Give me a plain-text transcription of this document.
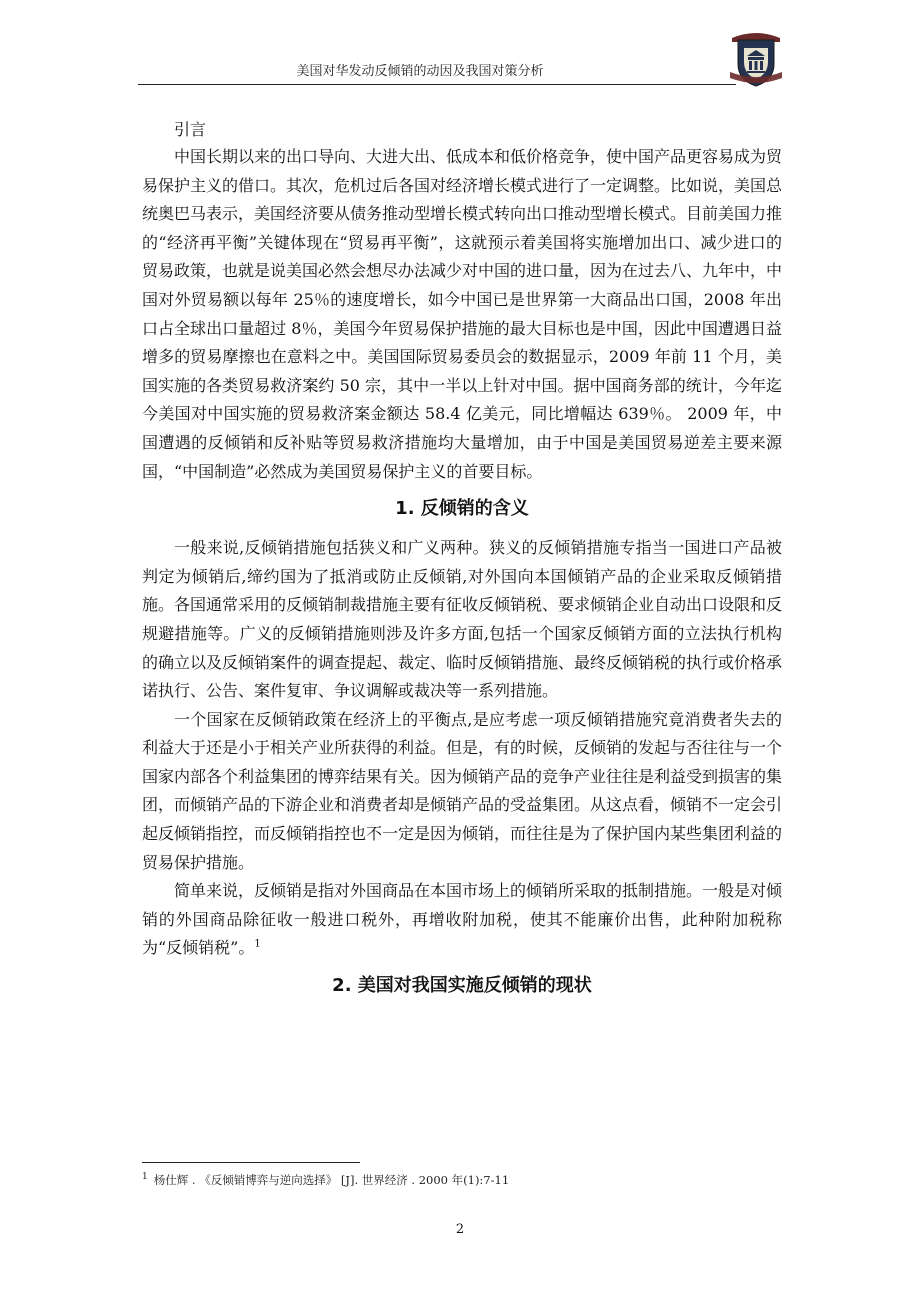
美国对华发动反倾销的动因及我国对策分析
引言

中国长期以来的出口导向、大进大出、低成本和低价格竞争，使中国产品更容易成为贸易保护主义的借口。其次，危机过后各国对经济增长模式进行了一定调整。比如说，美国总统奥巴马表示，美国经济要从债务推动型增长模式转向出口推动型增长模式。目前美国力推的“经济再平衡”关键体现在“贸易再平衡”，这就预示着美国将实施增加出口、减少进口的贸易政策，也就是说美国必然会想尽办法减少对中国的进口量，因为在过去八、九年中，中国对外贸易额以每年 25％的速度增长，如今中国已是世界第一大商品出口国，2008 年出口占全球出口量超过 8％，美国今年贸易保护措施的最大目标也是中国，因此中国遭遇日益增多的贸易摩擦也在意料之中。美国国际贸易委员会的数据显示，2009 年前 11 个月，美国实施的各类贸易救济案约 50 宗，其中一半以上针对中国。据中国商务部的统计，今年迄今美国对中国实施的贸易救济案金额达 58.4 亿美元，同比增幅达 639％。 2009 年，中国遭遇的反倾销和反补贴等贸易救济措施均大量增加，由于中国是美国贸易逆差主要来源国，“中国制造”必然成为美国贸易保护主义的首要目标。

1. 反倾销的含义

一般来说,反倾销措施包括狭义和广义两种。狭义的反倾销措施专指当一国进口产品被判定为倾销后,缔约国为了抵消或防止反倾销,对外国向本国倾销产品的企业采取反倾销措施。各国通常采用的反倾销制裁措施主要有征收反倾销税、要求倾销企业自动出口设限和反规避措施等。广义的反倾销措施则涉及许多方面,包括一个国家反倾销方面的立法执行机构的确立以及反倾销案件的调查提起、裁定、临时反倾销措施、最终反倾销税的执行或价格承诺执行、公告、案件复审、争议调解或裁决等一系列措施。

一个国家在反倾销政策在经济上的平衡点,是应考虑一项反倾销措施究竟消费者失去的利益大于还是小于相关产业所获得的利益。但是，有的时候，反倾销的发起与否往往与一个国家内部各个利益集团的博弈结果有关。因为倾销产品的竞争产业往往是利益受到损害的集团，而倾销产品的下游企业和消费者却是倾销产品的受益集团。从这点看，倾销不一定会引起反倾销指控，而反倾销指控也不一定是因为倾销，而往往是为了保护国内某些集团利益的贸易保护措施。

简单来说，反倾销是指对外国商品在本国市场上的倾销所采取的抵制措施。一般是对倾销的外国商品除征收一般进口税外，再增收附加税，使其不能廉价出售，此种附加税称为“反倾销税”。$^1$

2. 美国对我国实施反倾销的现状
$^1$ 杨仕辉 . 《反倾销博弈与逆向选择》 [J]. 世界经济 . 2000 年(1):7-11
2
